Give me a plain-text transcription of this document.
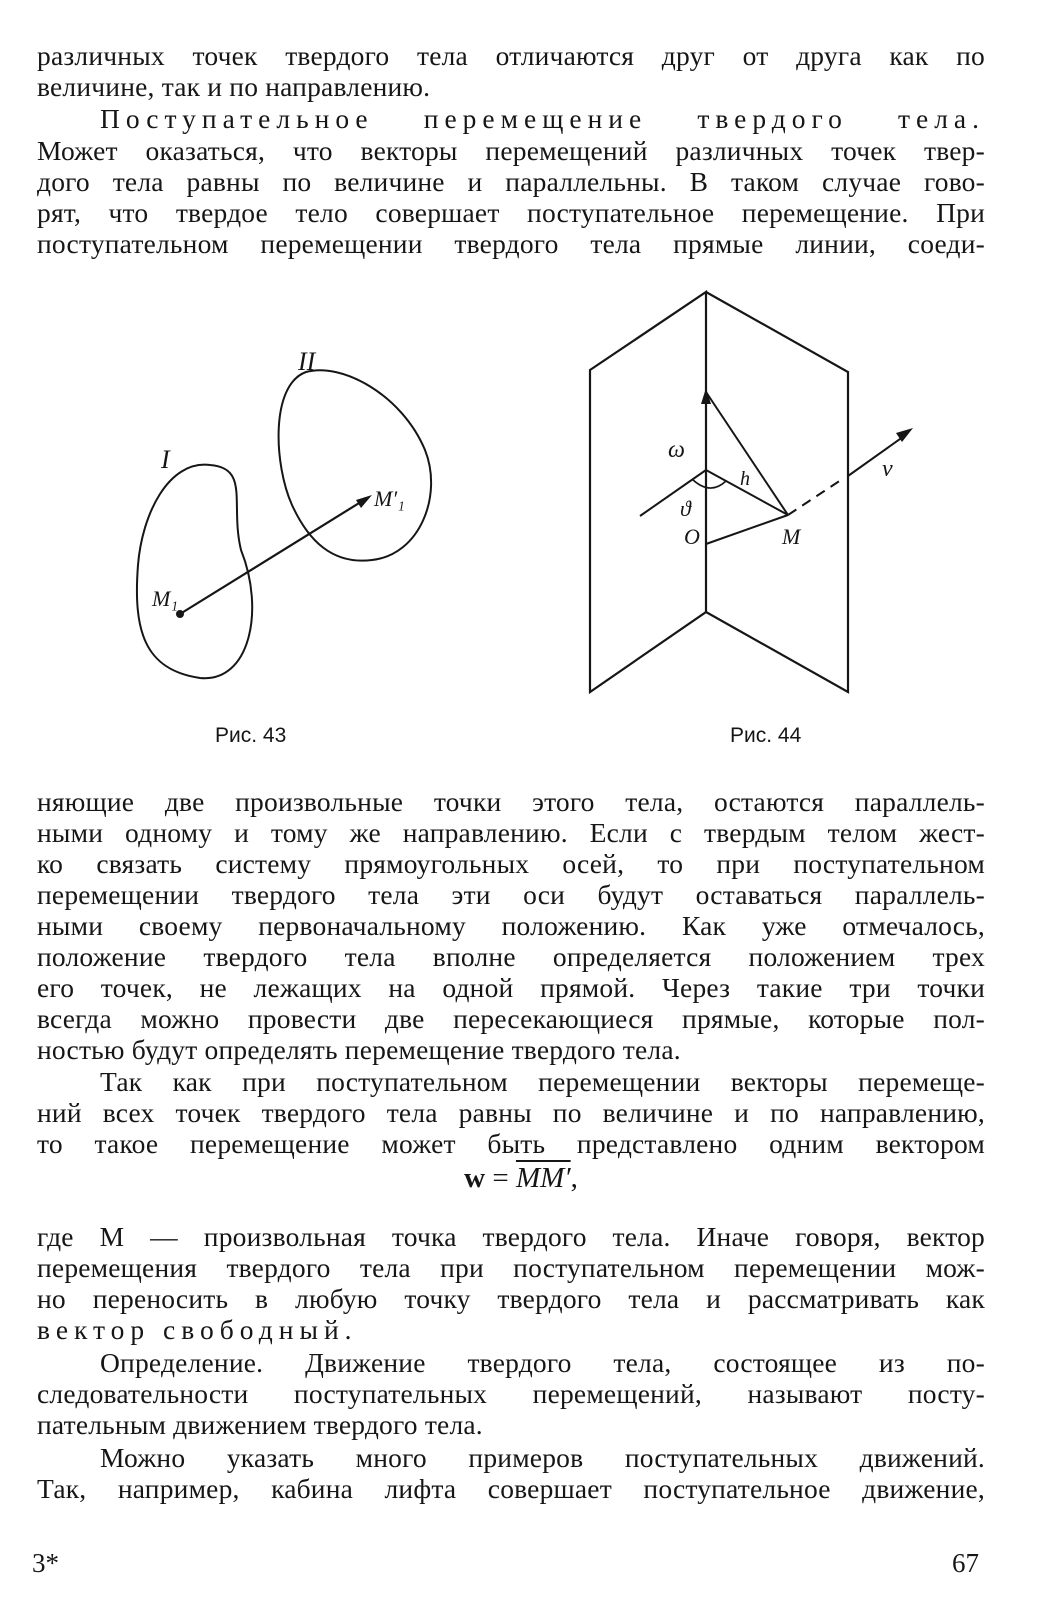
различных точек твердого тела отличаются друг от друга как по
величине, так и по направлению.
Поступательное перемещение твердого тела.
Может оказаться, что векторы перемещений различных точек твер-
дого тела равны по величине и параллельны. В таком случае гово-
рят, что твердое тело совершает поступательное перемещение. При
поступательном перемещении твердого тела прямые линии, соеди-
I
II
M₁
M′₁
Рис. 43
ω
h
ϑ
O	M
v
Рис. 44
няющие две произвольные точки этого тела, остаются параллель-
ными одному и тому же направлению. Если с твердым телом жест-
ко связать систему прямоугольных осей, то при поступательном
перемещении твердого тела эти оси будут оставаться параллель-
ными своему первоначальному положению. Как уже отмечалось,
положение твердого тела вполне определяется положением трех
его точек, не лежащих на одной прямой. Через такие три точки
всегда можно провести две пересекающиеся прямые, которые пол-
ностью будут определять перемещение твердого тела.
Так как при поступательном перемещении векторы перемеще-
ний всех точек твердого тела равны по величине и по направлению,
то такое перемещение может быть представлено одним вектором
w = MM′,
где М — произвольная точка твердого тела. Иначе говоря, вектор
перемещения твердого тела при поступательном перемещении мож-
но переносить в любую точку твердого тела и рассматривать как
вектор свободный.
Определение. Движение твердого тела, состоящее из по-
следовательности поступательных перемещений, называют посту-
пательным движением твердого тела.
Можно указать много примеров поступательных движений.
Так, например, кабина лифта совершает поступательное движение,
3*	67
